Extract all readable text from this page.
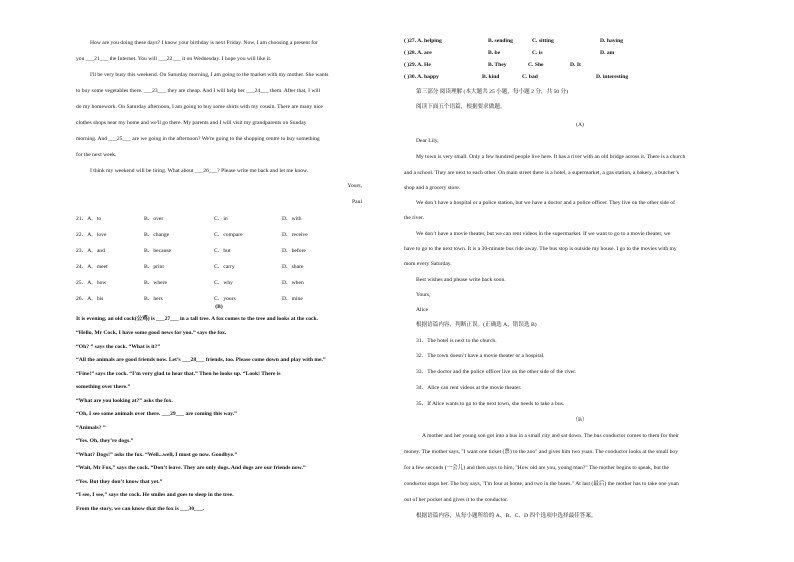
How are you doing these days? I know your birthday is next Friday. Now, I am choosing a present for
you ___21___ the Internet. You will ___22___ it on Wednesday. I hope you will like it.
I'll be very busy this weekend. On Saturday morning, I am going to the market with my mother. She wants
to buy some vegetables there. ___23___ they are cheap. And I will help her ___24___ them. After that, I will
do my homework. On Saturday afternoon, I am going to buy some shirts with my cousin. There are many nice
clothes shops near my home and we'll go there. My parents and I will visit my grandparents on Sunday
morning. And ___25___ are we going in the afternoon? We're going to the shopping centre to buy something
for the next week.
I think my weekend will be tiring. What about ___26___? Please write me back and let me know.
Yours,
Paul
21．A．to	B．over	C．in	D．with
22．A．love	B．change	C．compare	D．receive
23．A．and	B．because	C．but	D．before
24．A．meet	B．print	C．carry	D．share
25．A．how	B．where	C．why	D．when
26．A．his	B．hers	C．yours	D．mine
(B)
It is evening, an old cock(公鸡) is ___27___ in a tall tree. A fox comes to the tree and looks at the cock.
“Hello, Mr Cock, I have some good news for you.” says the fox.
“Oh? ” says the cock. “What is it?”
“All the animals are good friends now. Let’s ___28___ friends, too. Please come down and play with me.”
“Fine!” says the cock. “I’m very glad to hear that.” Then he looks up. “Look! There is
something over there.”
“What are you looking at?” asks the fox.
“Oh, I see some animals over there. ___29___ are coming this way.”
“Animals? ”
“Yes. Oh, they’re dogs.”
“What? Dogs!” asks the fox. “Well...well, I must go now. Goodbye.”
“Wait, Mr Fox,” says the cock. “Don’t leave. They are only dogs. And dogs are our friends now.”
“Yes. But they don’t know that yet.”
“I see, I see,” says the cock. He smiles and goes to sleep in the tree.
From the story, we can know that the fox is ___30___.
( )27. A. helping	B. sending	C. sitting	D. having
( )28. A. are	B. be	C. is	D. am
( )29. A. He	B. They	C. She	D. It
( )30. A. happy	B. kind	C. bad	D. interesting
第三部分 阅读理解 (本大题共 25 小题，每小题 2 分，共 50 分)
阅读下面五个语篇，根据要求做题。
(A)
Dear Lily,
My town is very small. Only a few hundred people live here. It has a river with an old bridge across it. There is a church
and a school. They are next to each other. On main street there is a hotel, a supermarket, a gas station, a bakery, a butcher’s
shop and a grocery store.
We don’t have a hospital or a police station, but we have a doctor and a police officer. They live on the other side of
the river.
We don’t have a movie theater, but we can rent videos in the supermarket. If we want to go to a movie theater, we
have to go to the next town. It is a 30-minute bus ride away. The bus stop is outside my house. I go to the movies with my
mom every Saturday.
Best wishes and please write back soon.
Yours,
Alice
根据语篇内容，判断正误。(正确选 A，错误选 B)
31．The hotel is next to the church.
32．The town doesn’t have a movie theater or a hospital.
33．The doctor and the police officer live on the other side of the river.
34．Alice can rent videos at the movie theater.
35．If Alice wants to go to the next town, she needs to take a bus.
（B）
A mother and her young son got into a bus in a small city and sat down. The bus conductor comes to them for their
money. The mother says, "I want one ticket (票) to the zoo" and gives him two yuan. The conductor looks at the small boy
for a few seconds (一会儿) and then says to him, "How old are you, young man?" The mother begins to speak, but the
conductor stops her. The boy says, "I'm four at home, and two in the buses." At last (最后) the mother has to take one yuan
out of her pocket and gives it to the conductor.
根据语篇内容，从每小题所给的 A、B、C、D 四个选项中选择最佳答案。
